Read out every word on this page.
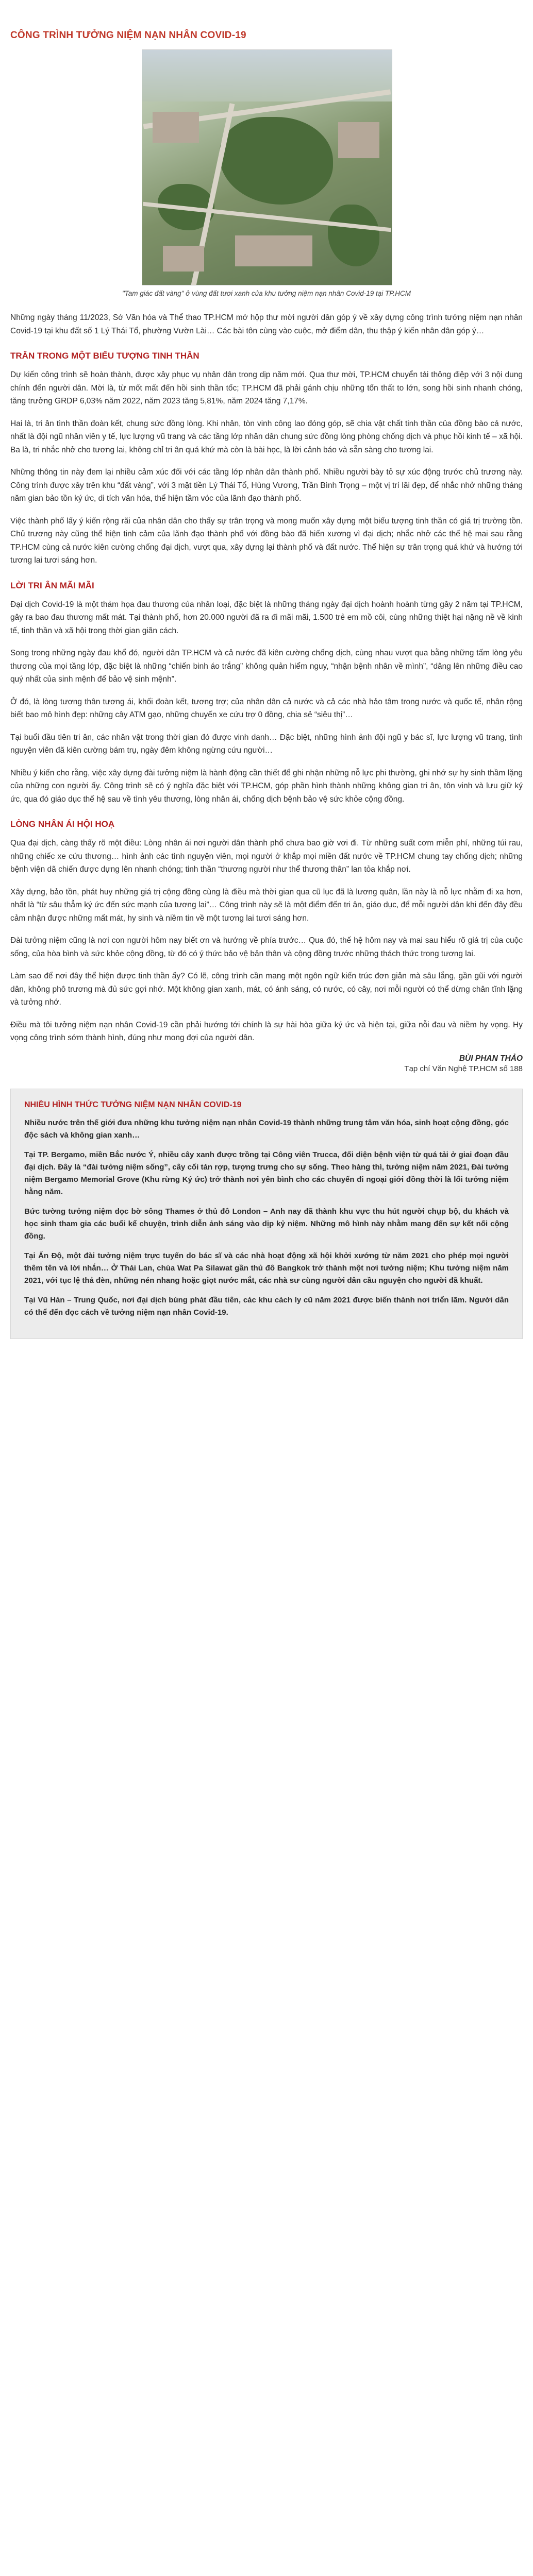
CÔNG TRÌNH TƯỞNG NIỆM NẠN NHÂN COVID-19
"Tam giác đất vàng" ở vùng đất tươi xanh của khu tưởng niệm nạn nhân Covid-19 tại TP.HCM

Những ngày tháng 11/2023, Sở Văn hóa và Thể thao TP.HCM mở hộp thư mời người dân góp ý về xây dựng công trình tưởng niệm nạn nhân Covid-19 tại khu đất số 1 Lý Thái Tổ, phường Vườn Lài… Các bài tôn cùng vào cuộc, mở điểm dân, thu thập ý kiến nhân dân góp ý…

TRĂN TRONG MỘT BIỂU TƯỢNG TINH THẦN

Dự kiến công trình sẽ hoàn thành, được xây phục vụ nhân dân trong dịp năm mới. Qua thư mời, TP.HCM chuyển tải thông điệp với 3 nội dung chính đến người dân. Mời là, từ mốt mất đến hồi sinh thần tốc; TP.HCM đã phải gánh chịu những tổn thất to lớn, song hồi sinh nhanh chóng, tăng trưởng GRDP 6,03% năm 2022, năm 2023 tăng 5,81%, năm 2024 tăng 7,17%.

Hai là, tri ân tình thần đoàn kết, chung sức đồng lòng. Khi nhân, tòn vinh công lao đóng góp, sẽ chia vật chất tinh thần của đồng bào cả nước, nhất là đội ngũ nhân viên y tế, lực lượng vũ trang và các tầng lớp nhân dân chung sức đồng lòng phòng chống dịch và phục hồi kinh tế – xã hội. Ba là, tri nhắc nhở cho tương lai, không chỉ tri ân quá khứ mà còn là bài học, là lời cảnh báo và sẵn sàng cho tương lai.

Những thông tin này đem lại nhiều cảm xúc đối với các tầng lớp nhân dân thành phố. Nhiều người bày tỏ sự xúc động trước chủ trương này. Công trình được xây trên khu “đất vàng”, với 3 mặt tiền Lý Thái Tổ, Hùng Vương, Trần Bình Trọng – một vị trí lãi đẹp, để nhắc nhở những tháng năm gian bảo tồn ký ức, di tích văn hóa, thể hiện tầm vóc của lãnh đạo thành phố.

Việc thành phố lấy ý kiến rộng rãi của nhân dân cho thấy sự trân trọng và mong muốn xây dựng một biểu tượng tinh thần có giá trị trường tồn. Chủ trương này cũng thể hiện tinh cảm của lãnh đạo thành phố với đồng bào đã hiến xương vì đại dịch; nhắc nhở các thế hệ mai sau rằng TP.HCM cùng cả nước kiên cường chống đại dịch, vượt qua, xây dựng lại thành phố và đất nước. Thể hiện sự trân trọng quá khứ và hướng tới tương lai tươi sáng hơn.

LỜI TRI ÂN MÃI MÃI

Đại dịch Covid-19 là một thảm họa đau thương của nhân loại, đặc biệt là những tháng ngày đại dịch hoành hoành từng gây 2 năm tại TP.HCM, gây ra bao đau thương mất mát. Tại thành phố, hơn 20.000 người đã ra đi mãi mãi, 1.500 trẻ em mồ côi, cùng những thiệt hại nặng nề về kinh tế, tinh thần và xã hội trong thời gian giãn cách.

Song trong những ngày đau khổ đó, người dân TP.HCM và cả nước đã kiên cường chống dịch, cùng nhau vượt qua bằng những tấm lòng yêu thương của mọi tầng lớp, đặc biệt là những “chiến binh áo trắng” không quản hiểm nguy, “nhận bệnh nhân về mình”, “dâng lên những điều cao quý nhất của sinh mệnh để bảo vệ sinh mệnh”.

Ở đó, là lòng tương thân tương ái, khối đoàn kết, tương trợ; của nhân dân cả nước và cả các nhà hảo tâm trong nước và quốc tế, nhân rộng biết bao mô hình đẹp: những cây ATM gạo, những chuyến xe cứu trợ 0 đồng, chia sẻ “siêu thị”…

Tại buổi đầu tiên tri ân, các nhân vật trong thời gian đó được vinh danh… Đặc biệt, những hình ảnh đội ngũ y bác sĩ, lực lượng vũ trang, tình nguyện viên đã kiên cường bám trụ, ngày đêm không ngừng cứu người…

Nhiều ý kiến cho rằng, việc xây dựng đài tưởng niệm là hành động cần thiết để ghi nhận những nỗ lực phi thường, ghi nhớ sự hy sinh thầm lặng của những con người ấy. Công trình sẽ có ý nghĩa đặc biệt với TP.HCM, góp phần hình thành những không gian tri ân, tôn vinh và lưu giữ ký ức, qua đó giáo dục thế hệ sau về tình yêu thương, lòng nhân ái, chống dịch bệnh bảo vệ sức khỏe cộng đồng.

LÒNG NHÂN ÁI HỘI HOẠ

Qua đại dịch, càng thấy rõ một điều: Lòng nhân ái nơi người dân thành phố chưa bao giờ vơi đi. Từ những suất cơm miễn phí, những túi rau, những chiếc xe cứu thương… hình ảnh các tình nguyện viên, mọi người ở khắp mọi miền đất nước về TP.HCM chung tay chống dịch; những bệnh viện dã chiến được dựng lên nhanh chóng; tinh thần “thương người như thể thương thân” lan tỏa khắp nơi.

Xây dựng, bảo tồn, phát huy những giá trị cộng đồng cùng là điều mà thời gian qua cũ lục đã là lương quân, lần này là nỗ lực nhằm đi xa hơn, nhất là “từ sâu thẳm ký ức đến sức mạnh của tương lai”… Công trình này sẽ là một điểm đến tri ân, giáo dục, để mỗi người dân khi đến đây đều cảm nhận được những mất mát, hy sinh và niềm tin về một tương lai tươi sáng hơn.

Đài tưởng niệm cũng là nơi con người hôm nay biết ơn và hướng về phía trước… Qua đó, thế hệ hôm nay và mai sau hiểu rõ giá trị của cuộc sống, của hòa bình và sức khỏe cộng đồng, từ đó có ý thức bảo vệ bản thân và cộng đồng trước những thách thức trong tương lai.

Làm sao để nơi đây thể hiện được tinh thần ấy? Có lẽ, công trình cần mang một ngôn ngữ kiến trúc đơn giản mà sâu lắng, gần gũi với người dân, không phô trương mà đủ sức gợi nhớ. Một không gian xanh, mát, có ánh sáng, có nước, có cây, nơi mỗi người có thể dừng chân tĩnh lặng và tưởng nhớ.

Điều mà tôi tưởng niệm nạn nhân Covid-19 cần phải hướng tới chính là sự hài hòa giữa ký ức và hiện tại, giữa nỗi đau và niềm hy vọng. Hy vọng công trình sớm thành hình, đúng như mong đợi của người dân.

BÙI PHAN THẢO
Tạp chí Văn Nghệ TP.HCM số 188
NHIỀU HÌNH THỨC TƯỞNG NIỆM NẠN NHÂN COVID-19

Nhiều nước trên thế giới đưa những khu tưởng niệm nạn nhân Covid-19 thành những trung tâm văn hóa, sinh hoạt cộng đồng, góc độc sách và không gian xanh…

Tại TP. Bergamo, miền Bắc nước Ý, nhiều cây xanh được trồng tại Công viên Trucca, đối diện bệnh viện từ quá tải ở giai đoạn đầu đại dịch. Đây là “đài tưởng niệm sống”, cây cối tán rợp, tượng trưng cho sự sống. Theo hàng thì, tưởng niệm năm 2021, Đài tưởng niệm Bergamo Memorial Grove (Khu rừng Ký ức) trở thành nơi yên bình cho các chuyến đi ngoại giới đồng thời là lối tưởng niệm hằng năm.

Bức tường tưởng niệm dọc bờ sông Thames ở thủ đô London – Anh nay đã thành khu vực thu hút người chụp bộ, du khách và học sinh tham gia các buổi kể chuyện, trình diễn ảnh sáng vào dịp kỷ niệm. Những mô hình này nhằm mang đến sự kết nối cộng đồng.

Tại Ấn Độ, một đài tưởng niệm trực tuyến do bác sĩ và các nhà hoạt động xã hội khởi xướng từ năm 2021 cho phép mọi người thêm tên và lời nhắn… Ở Thái Lan, chùa Wat Pa Silawat gần thủ đô Bangkok trở thành một nơi tưởng niệm; Khu tưởng niệm năm 2021, với tục lệ thả đèn, những nén nhang hoặc giọt nước mắt, các nhà sư cùng người dân cầu nguyện cho người đã khuất.

Tại Vũ Hán – Trung Quốc, nơi đại dịch bùng phát đầu tiên, các khu cách ly cũ năm 2021 được biến thành nơi triển lãm. Người dân có thể đến đọc cách về tưởng niệm nạn nhân Covid-19.
